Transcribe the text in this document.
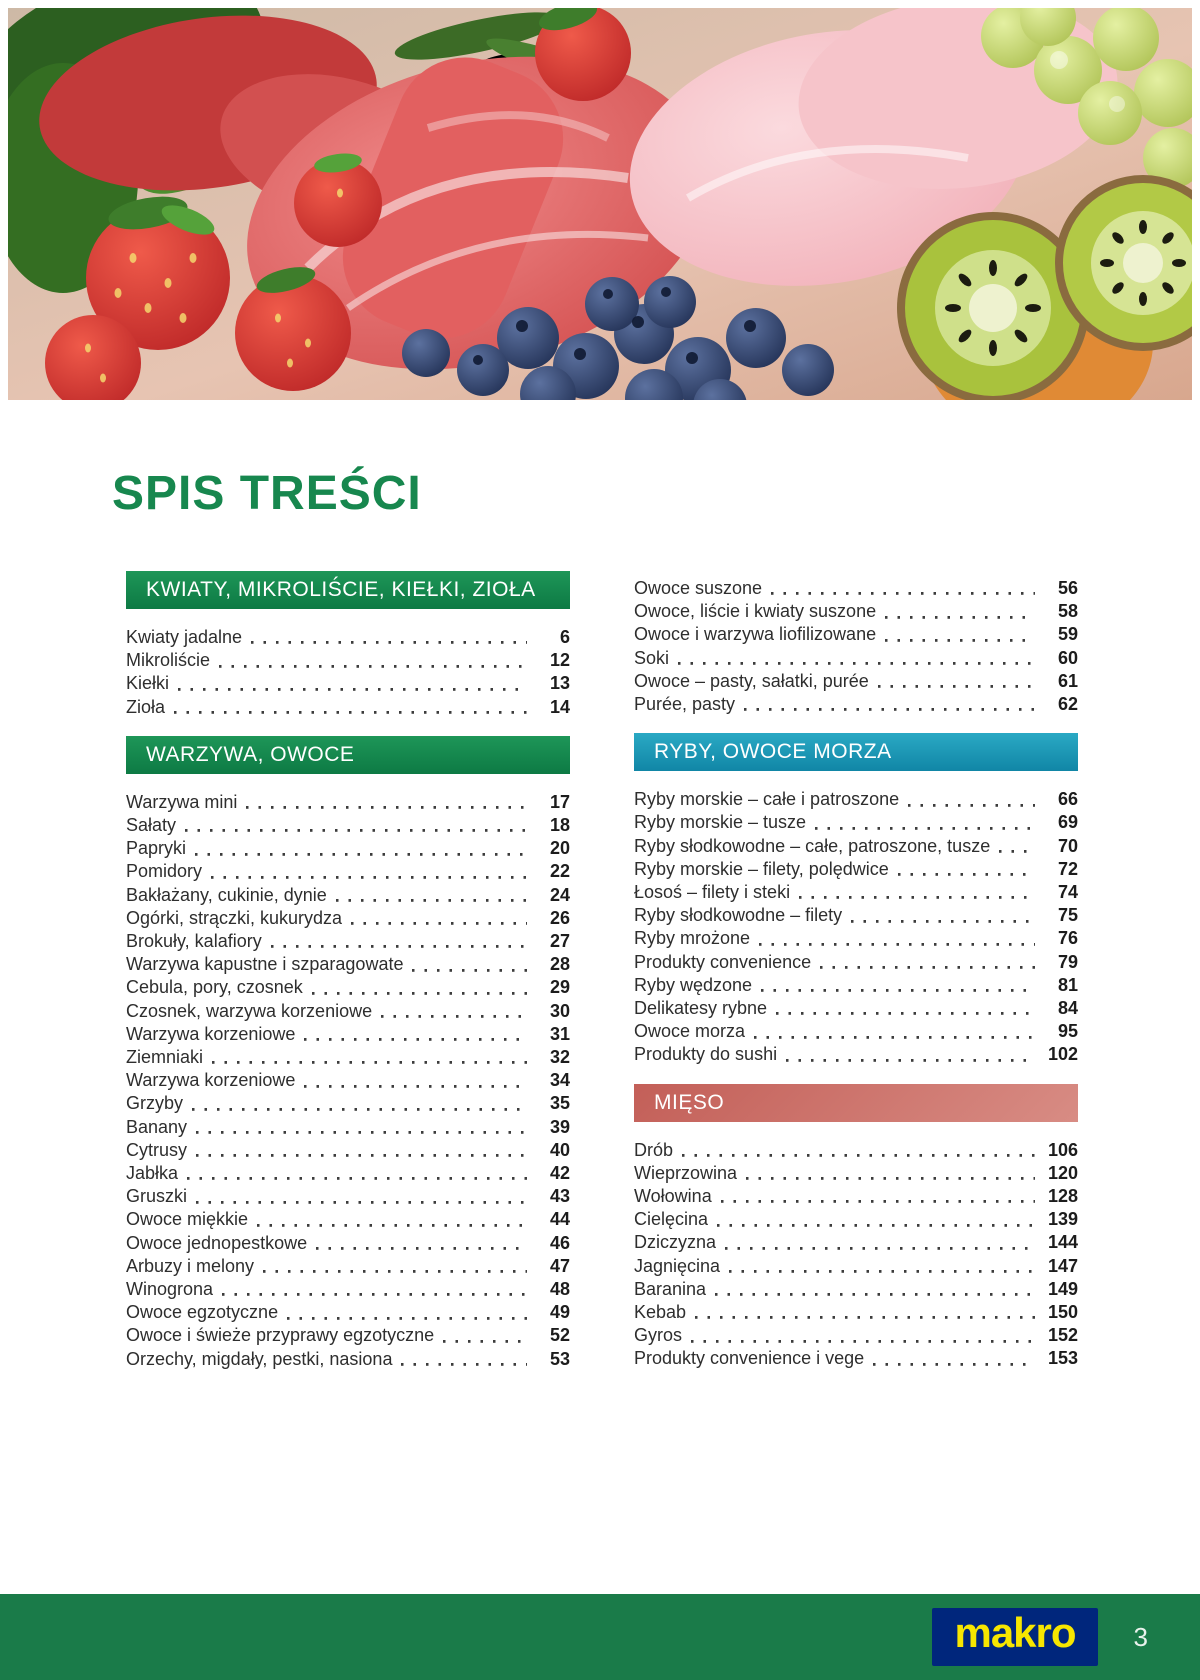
SPIS TREŚCI
KWIATY, MIKROLIŚCIE, KIEŁKI, ZIOŁA
Kwiaty jadalne	6
Mikroliście	12
Kiełki	13
Zioła	14
WARZYWA, OWOCE
Warzywa mini	17
Sałaty	18
Papryki	20
Pomidory	22
Bakłażany, cukinie, dynie	24
Ogórki, strączki, kukurydza	26
Brokuły, kalafiory	27
Warzywa kapustne i szparagowate	28
Cebula, pory, czosnek	29
Czosnek, warzywa korzeniowe	30
Warzywa korzeniowe	31
Ziemniaki	32
Warzywa korzeniowe	34
Grzyby	35
Banany	39
Cytrusy	40
Jabłka	42
Gruszki	43
Owoce miękkie	44
Owoce jednopestkowe	46
Arbuzy i melony	47
Winogrona	48
Owoce egzotyczne	49
Owoce i świeże przyprawy egzotyczne	52
Orzechy, migdały, pestki, nasiona	53
Owoce suszone	56
Owoce, liście i kwiaty suszone	58
Owoce i warzywa liofilizowane	59
Soki	60
Owoce – pasty, sałatki, purée	61
Purée, pasty	62
RYBY, OWOCE MORZA
Ryby morskie – całe i patroszone	66
Ryby morskie – tusze	69
Ryby słodkowodne – całe, patroszone, tusze	70
Ryby morskie – filety, polędwice	72
Łosoś – filety i steki	74
Ryby słodkowodne – filety	75
Ryby mrożone	76
Produkty convenience	79
Ryby wędzone	81
Delikatesy rybne	84
Owoce morza	95
Produkty do sushi	102
MIĘSO
Drób	106
Wieprzowina	120
Wołowina	128
Cielęcina	139
Dziczyzna	144
Jagnięcina	147
Baranina	149
Kebab	150
Gyros	152
Produkty convenience i vege	153
makro	3
